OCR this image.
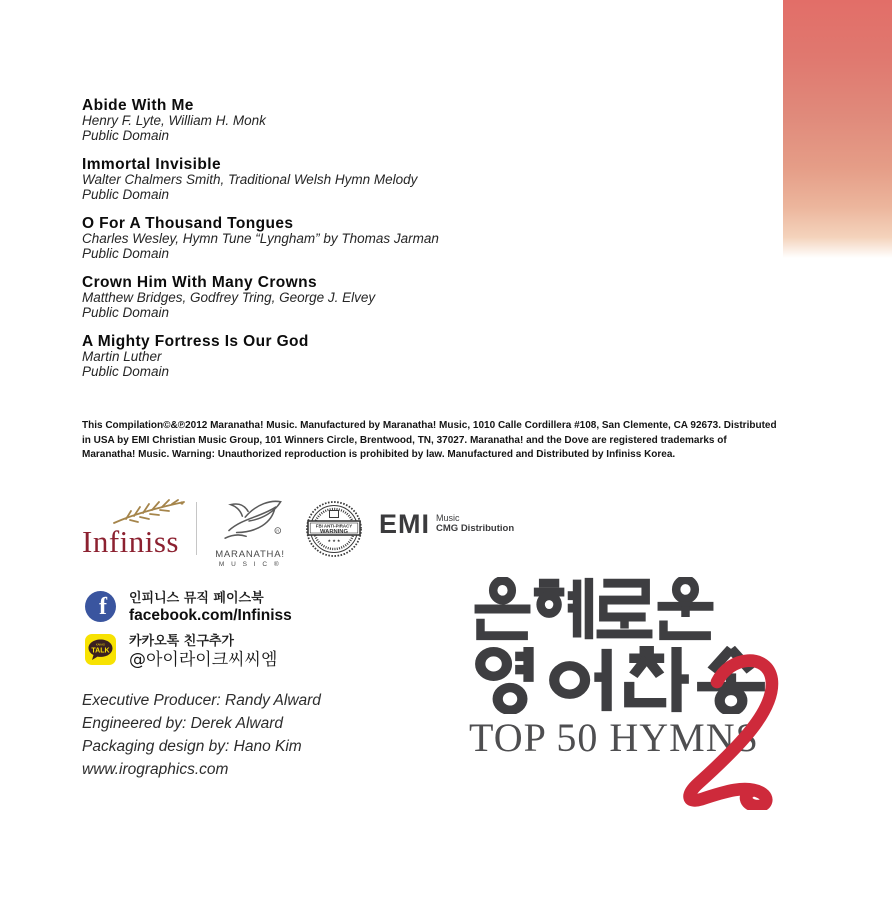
Abide With Me
Henry F. Lyte, William H. Monk
Public Domain
Immortal Invisible
Walter Chalmers Smith, Traditional Welsh Hymn Melody
Public Domain
O For A Thousand Tongues
Charles Wesley, Hymn Tune “Lyngham” by Thomas Jarman
Public Domain
Crown Him With Many Crowns
Matthew Bridges, Godfrey Tring, George J. Elvey
Public Domain
A Mighty Fortress Is Our God
Martin Luther
Public Domain
This Compilation©&℗2012 Maranatha! Music. Manufactured by Maranatha! Music, 1010 Calle Cordillera #108, San Clemente, CA 92673. Distributed in USA by EMI Christian Music Group, 101 Winners Circle, Brentwood, TN, 37027. Maranatha! and the Dove are registered trademarks of Maranatha! Music. Warning: Unauthorized reproduction is prohibited by law. Manufactured and Distributed by Infiniss Korea.
Infiniss	R
MARANATHA!
M U S I C ®
FBI ANTI-PIRACY
WARNING
★ ★ ★
EMI Music
CMG Distribution
f 인피니스 뮤직 페이스북
facebook.com/Infiniss
KAKAO
TALK
카카오톡 친구추가
@아이라이크씨씨엠
Executive Producer: Randy Alward
Engineered by: Derek Alward
Packaging design by: Hano Kim
www.irographics.com
TOP 50 HYMNS
